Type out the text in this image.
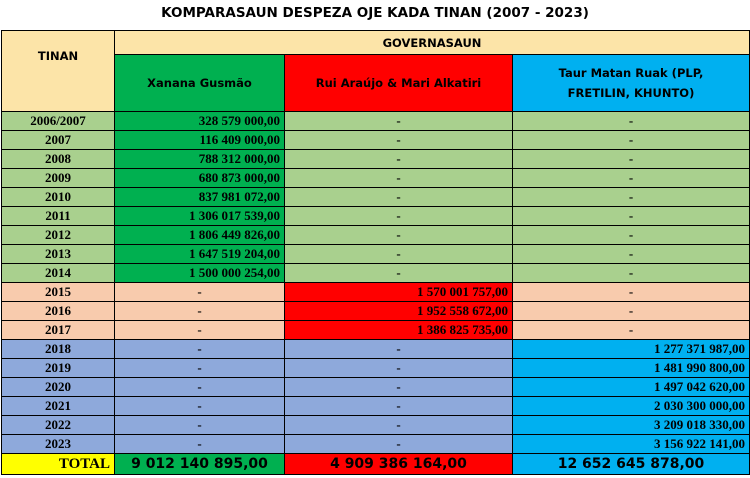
KOMPARASAUN DESPEZA OJE KADA TINAN (2007 - 2023)
TINAN	GOVERNASAUN		
	Xanana Gusmão	Rui Araújo & Mari Alkatiri	Taur Matan Ruak (PLP,
FRETILIN, KHUNTO)

2006/2007	328 579 000,00	-	-
2007	116 409 000,00	-	-
2008	788 312 000,00	-	-
2009	680 873 000,00	-	-
2010	837 981 072,00	-	-
2011	1 306 017 539,00	-	-
2012	1 806 449 826,00	-	-
2013	1 647 519 204,00	-	-
2014	1 500 000 254,00	-	-
2015	-	1 570 001 757,00	-
2016	-	1 952 558 672,00	-
2017	-	1 386 825 735,00	-
2018	-	-	1 277 371 987,00
2019	-	-	1 481 990 800,00
2020	-	-	1 497 042 620,00
2021	-	-	2 030 300 000,00
2022	-	-	3 209 018 330,00
2023	-	-	3 156 922 141,00
TOTAL	9 012 140 895,00	4 909 386 164,00	12 652 645 878,00
